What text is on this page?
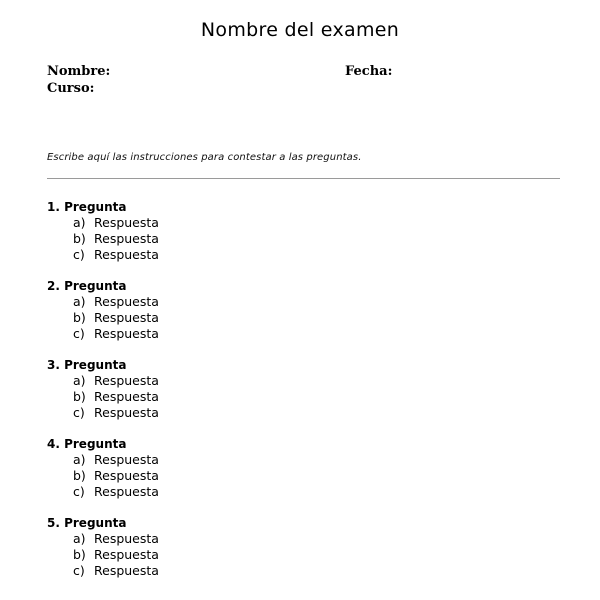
Nombre del examen
Nombre:
Curso:
Fecha:
Escribe aquí las instrucciones para contestar a las preguntas.
1. Pregunta
a) Respuesta
b) Respuesta
c) Respuesta
2. Pregunta
a) Respuesta
b) Respuesta
c) Respuesta
3. Pregunta
a) Respuesta
b) Respuesta
c) Respuesta
4. Pregunta
a) Respuesta
b) Respuesta
c) Respuesta
5. Pregunta
a) Respuesta
b) Respuesta
c) Respuesta
